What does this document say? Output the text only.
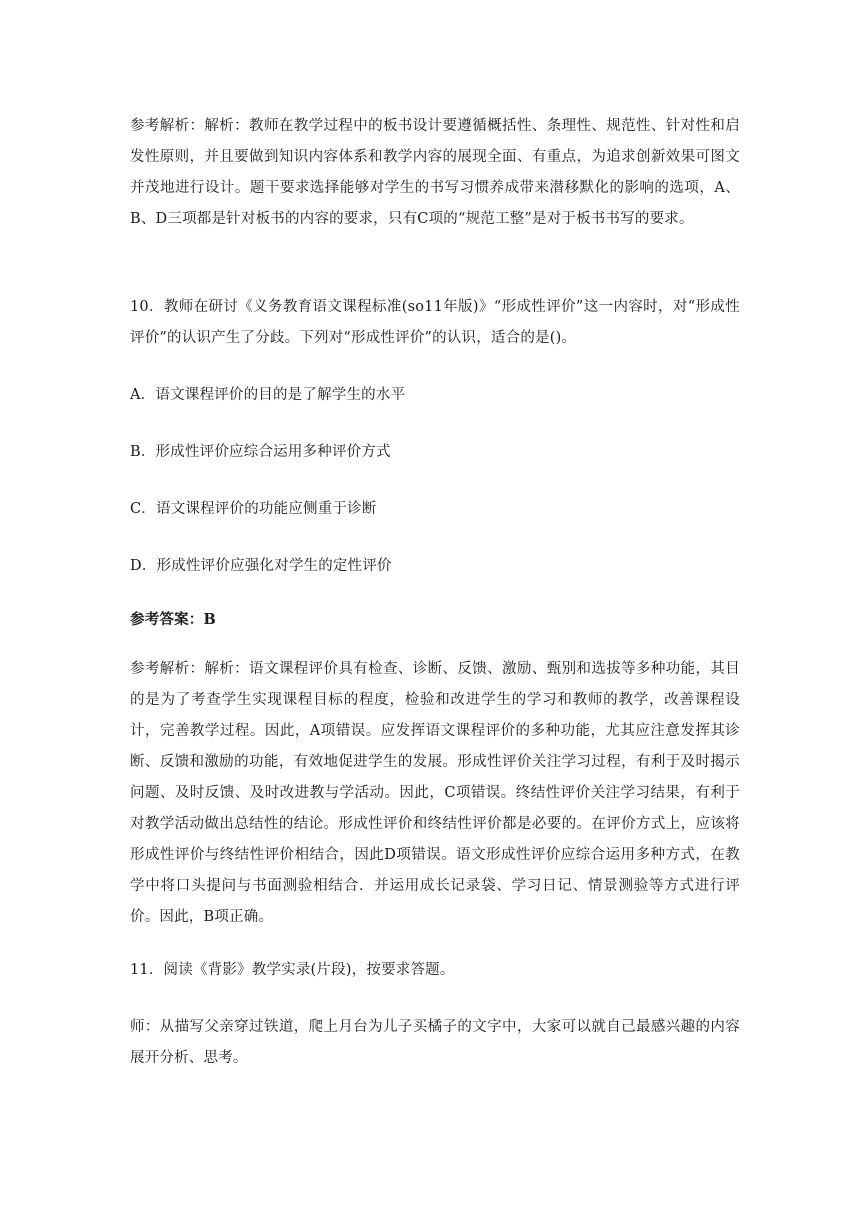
参考解析：解析：教师在教学过程中的板书设计要遵循概括性、条理性、规范性、针对性和启发性原则，并且要做到知识内容体系和教学内容的展现全面、有重点，为追求创新效果可图文并茂地进行设计。题干要求选择能够对学生的书写习惯养成带来潜移默化的影响的选项，A、B、D三项都是针对板书的内容的要求，只有C项的“规范工整”是对于板书书写的要求。

10．教师在研讨《义务教育语文课程标准(so11年版)》“形成性评价”这一内容时，对“形成性评价”的认识产生了分歧。下列对“形成性评价”的认识，适合的是()。

A．语文课程评价的目的是了解学生的水平

B．形成性评价应综合运用多种评价方式

C．语文课程评价的功能应侧重于诊断

D．形成性评价应强化对学生的定性评价

参考答案：B

参考解析：解析：语文课程评价具有检查、诊断、反馈、激励、甄别和选拔等多种功能，其目的是为了考查学生实现课程目标的程度，检验和改进学生的学习和教师的教学，改善课程设计，完善教学过程。因此，A项错误。应发挥语文课程评价的多种功能，尤其应注意发挥其诊断、反馈和激励的功能，有效地促进学生的发展。形成性评价关注学习过程，有利于及时揭示问题、及时反馈、及时改进教与学活动。因此，C项错误。终结性评价关注学习结果，有利于对教学活动做出总结性的结论。形成性评价和终结性评价都是必要的。在评价方式上，应该将形成性评价与终结性评价相结合，因此D项错误。语文形成性评价应综合运用多种方式，在教学中将口头提问与书面测验相结合．并运用成长记录袋、学习日记、情景测验等方式进行评价。因此，B项正确。

11．阅读《背影》教学实录(片段)，按要求答题。

师：从描写父亲穿过铁道，爬上月台为儿子买橘子的文字中，大家可以就自己最感兴趣的内容展开分析、思考。
